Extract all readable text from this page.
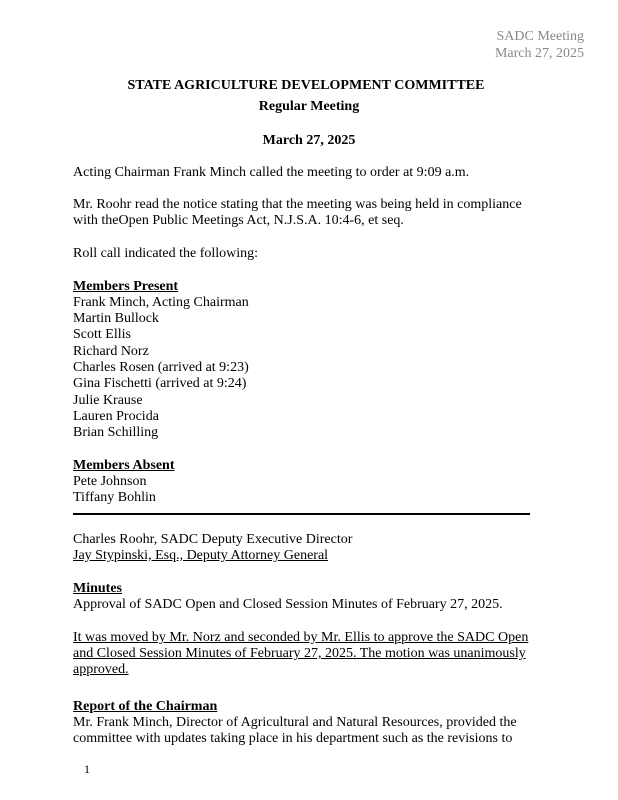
SADC Meeting
March 27, 2025
STATE AGRICULTURE DEVELOPMENT COMMITTEE
Regular Meeting
March 27, 2025
Acting Chairman Frank Minch called the meeting to order at 9:09 a.m.
Mr. Roohr read the notice stating that the meeting was being held in compliance
with theOpen Public Meetings Act, N.J.S.A. 10:4-6, et seq.
Roll call indicated the following:
Members Present
Frank Minch, Acting Chairman
Martin Bullock
Scott Ellis
Richard Norz
Charles Rosen (arrived at 9:23)
Gina Fischetti (arrived at 9:24)
Julie Krause
Lauren Procida
Brian Schilling
Members Absent
Pete Johnson
Tiffany Bohlin
Charles Roohr, SADC Deputy Executive Director
Jay Stypinski, Esq., Deputy Attorney General
Minutes
Approval of SADC Open and Closed Session Minutes of February 27, 2025.
It was moved by Mr. Norz and seconded by Mr. Ellis to approve the SADC Open
and Closed Session Minutes of February 27, 2025. The motion was unanimously
approved.
Report of the Chairman
Mr. Frank Minch, Director of Agricultural and Natural Resources, provided the
committee with updates taking place in his department such as the revisions to
1
